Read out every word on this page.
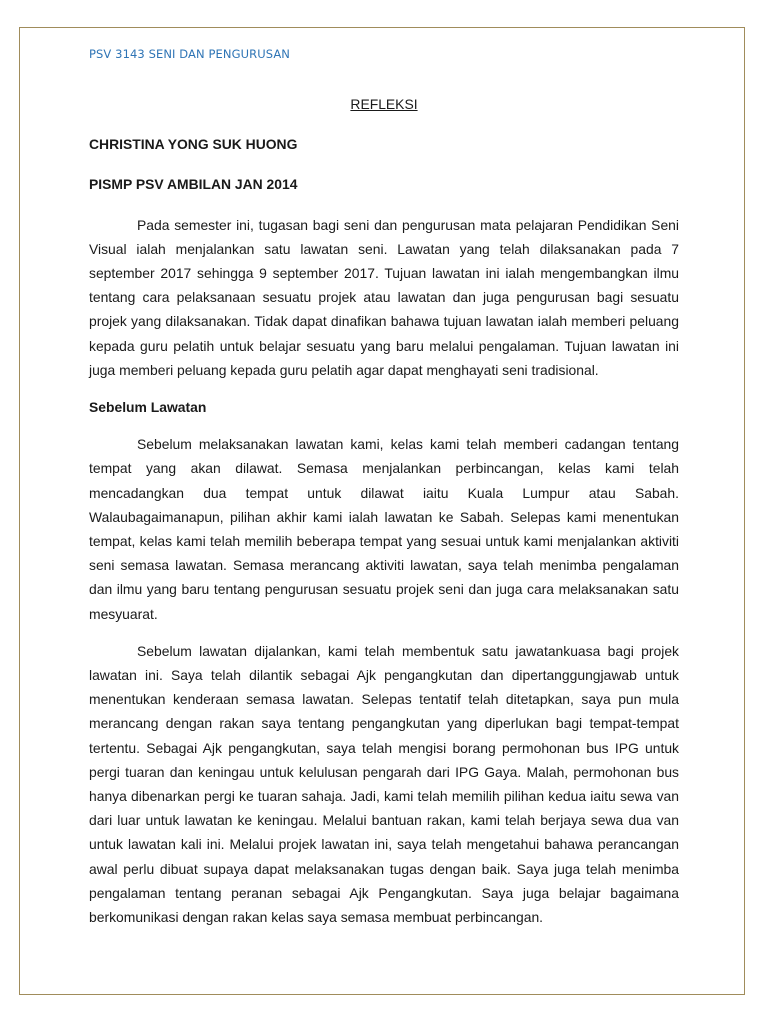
PSV 3143 SENI DAN PENGURUSAN
REFLEKSI
CHRISTINA YONG SUK HUONG
PISMP PSV AMBILAN JAN 2014

Pada semester ini, tugasan bagi seni dan pengurusan mata pelajaran Pendidikan Seni Visual ialah menjalankan satu lawatan seni. Lawatan yang telah dilaksanakan pada 7 september 2017 sehingga 9 september 2017. Tujuan lawatan ini ialah mengembangkan ilmu tentang cara pelaksanaan sesuatu projek atau lawatan dan juga pengurusan bagi sesuatu projek yang dilaksanakan. Tidak dapat dinafikan bahawa tujuan lawatan ialah memberi peluang kepada guru pelatih untuk belajar sesuatu yang baru melalui pengalaman. Tujuan lawatan ini juga memberi peluang kepada guru pelatih agar dapat menghayati seni tradisional.

Sebelum Lawatan

Sebelum melaksanakan lawatan kami, kelas kami telah memberi cadangan tentang tempat yang akan dilawat. Semasa menjalankan perbincangan, kelas kami telah mencadangkan dua tempat untuk dilawat iaitu Kuala Lumpur atau Sabah. Walaubagaimanapun, pilihan akhir kami ialah lawatan ke Sabah. Selepas kami menentukan tempat, kelas kami telah memilih beberapa tempat yang sesuai untuk kami menjalankan aktiviti seni semasa lawatan. Semasa merancang aktiviti lawatan, saya telah menimba pengalaman dan ilmu yang baru tentang pengurusan sesuatu projek seni dan juga cara melaksanakan satu mesyuarat.

Sebelum lawatan dijalankan, kami telah membentuk satu jawatankuasa bagi projek lawatan ini. Saya telah dilantik sebagai Ajk pengangkutan dan dipertanggungjawab untuk menentukan kenderaan semasa lawatan. Selepas tentatif telah ditetapkan, saya pun mula merancang dengan rakan saya tentang pengangkutan yang diperlukan bagi tempat-tempat tertentu. Sebagai Ajk pengangkutan, saya telah mengisi borang permohonan bus IPG untuk pergi tuaran dan keningau untuk kelulusan pengarah dari IPG Gaya. Malah, permohonan bus hanya dibenarkan pergi ke tuaran sahaja. Jadi, kami telah memilih pilihan kedua iaitu sewa van dari luar untuk lawatan ke keningau. Melalui bantuan rakan, kami telah berjaya sewa dua van untuk lawatan kali ini. Melalui projek lawatan ini, saya telah mengetahui bahawa perancangan awal perlu dibuat supaya dapat melaksanakan tugas dengan baik. Saya juga telah menimba pengalaman tentang peranan sebagai Ajk Pengangkutan. Saya juga belajar bagaimana berkomunikasi dengan rakan kelas saya semasa membuat perbincangan.
